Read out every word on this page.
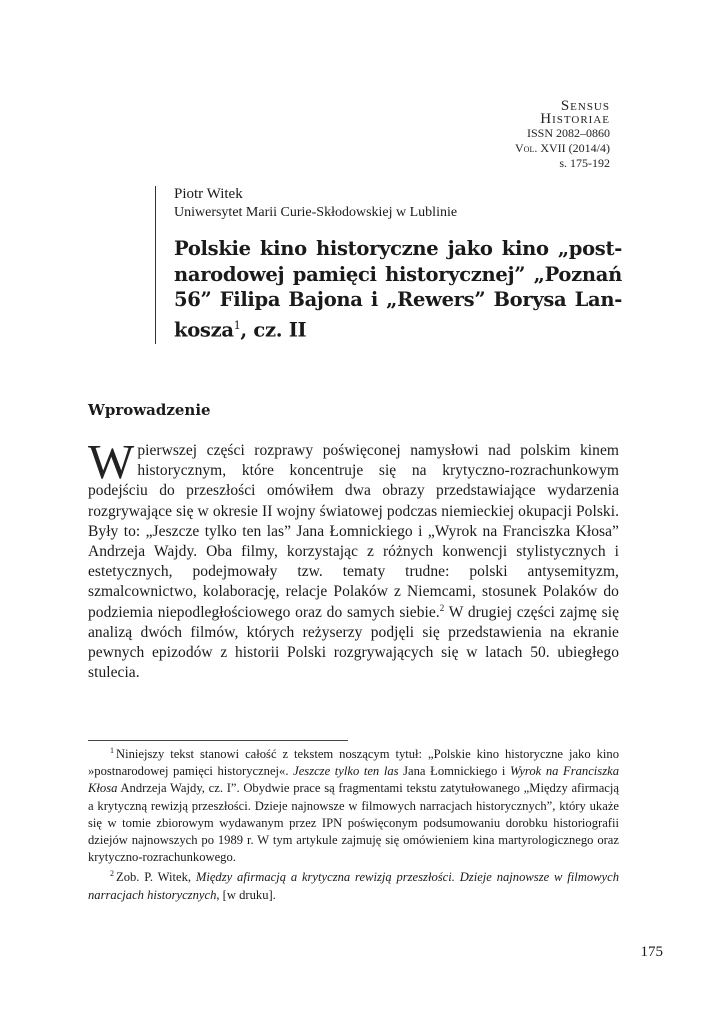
Sensus
Historiae
ISSN 2082–0860
Vol. XVII (2014/4)
s. 175-192
Piotr Witek
Uniwersytet Marii Curie-Skłodowskiej w Lublinie
Polskie kino historyczne jako kino „post-narodowej pamięci historycznej” „Poznań 56” Filipa Bajona i „Rewers” Borysa Lan-kosza$^1$, cz. II
Wprowadzenie

W pierwszej części rozprawy poświęconej namysłowi nad polskim kinem historycznym, które koncentruje się na krytyczno-rozrachunkowym podejściu do przeszłości omówiłem dwa obrazy przedstawiające wydarzenia rozgrywające się w okresie II wojny światowej podczas niemieckiej okupacji Polski. Były to: „Jeszcze tylko ten las” Jana Łomnickiego i „Wyrok na Franciszka Kłosa” Andrzeja Wajdy. Oba filmy, korzystając z różnych konwencji stylistycznych i estetycznych, podejmowały tzw. tematy trudne: polski antysemityzm, szmalcownictwo, kolaborację, relacje Polaków z Niemcami, stosunek Polaków do podziemia niepodległościowego oraz do samych siebie.$^2$ W drugiej części zajmę się analizą dwóch filmów, których reżyserzy podjęli się przedstawienia na ekranie pewnych epizodów z historii Polski rozgrywających się w latach 50. ubiegłego stulecia.

$^1$ Niniejszy tekst stanowi całość z tekstem noszącym tytuł: „Polskie kino historyczne jako kino »postnarodowej pamięci historycznej«. Jeszcze tylko ten las Jana Łomnickiego i Wyrok na Franciszka Kłosa Andrzeja Wajdy, cz. I”. Obydwie prace są fragmentami tekstu zatytułowanego „Między afirmacją a krytyczną rewizją przeszłości. Dzieje najnowsze w filmowych narracjach historycznych”, który ukaże się w tomie zbiorowym wydawanym przez IPN poświęconym podsumowaniu dorobku historiografii dziejów najnowszych po 1989 r. W tym artykule zajmuję się omówieniem kina martyrologicznego oraz krytyczno-rozrachunkowego.

$^2$ Zob. P. Witek, Między afirmacją a krytyczna rewizją przeszłości. Dzieje najnowsze w filmowych narracjach historycznych, [w druku].

175
